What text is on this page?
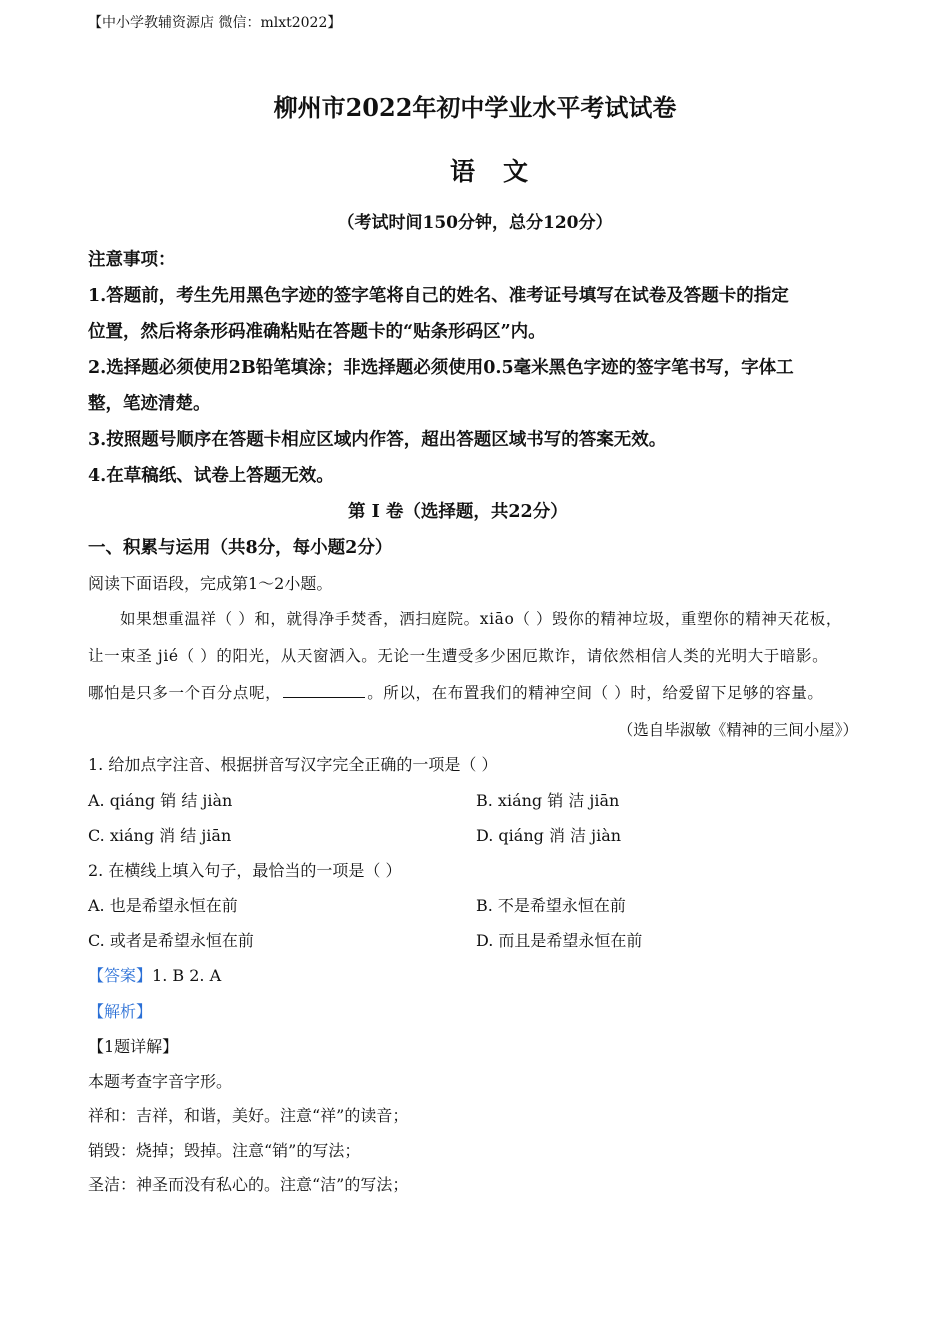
【中小学教辅资源店 微信：mlxt2022】
柳州市2022年初中学业水平考试试卷
语文
（考试时间150分钟，总分120分）
注意事项：
1.答题前，考生先用黑色字迹的签字笔将自己的姓名、准考证号填写在试卷及答题卡的指定
位置，然后将条形码准确粘贴在答题卡的“贴条形码区”内。
2.选择题必须使用2B铅笔填涂；非选择题必须使用0.5毫米黑色字迹的签字笔书写，字体工
整，笔迹清楚。
3.按照题号顺序在答题卡相应区域内作答，超出答题区域书写的答案无效。
4.在草稿纸、试卷上答题无效。
第 Ⅰ 卷（选择题，共22分）
一、积累与运用（共8分，每小题2分）
阅读下面语段，完成第1～2小题。
如果想重温祥（ ）和，就得净手焚香，洒扫庭院。xiāo（ ）毁你的精神垃圾，重塑你的精神天花板，
让一束圣 jié（ ）的阳光，从天窗洒入。无论一生遭受多少困厄欺诈，请依然相信人类的光明大于暗影。
哪怕是只多一个百分点呢，	。所以，在布置我们的精神空间（ ）时，给爱留下足够的容量。
（选自毕淑敏《精神的三间小屋》）
1. 给加点字注音、根据拼音写汉字完全正确的一项是（ ）
A. qiáng 销 结 jiàn	B. xiáng 销 洁 jiān
C. xiáng 消 结 jiān	D. qiáng 消 洁 jiàn
2. 在横线上填入句子，最恰当的一项是（ ）
A. 也是希望永恒在前	B. 不是希望永恒在前
C. 或者是希望永恒在前	D. 而且是希望永恒在前
【答案】1. B 2. A
【解析】
【1题详解】
本题考查字音字形。
祥和：吉祥，和谐，美好。注意“祥”的读音；
销毁：烧掉；毁掉。注意“销”的写法；
圣洁：神圣而没有私心的。注意“洁”的写法；
